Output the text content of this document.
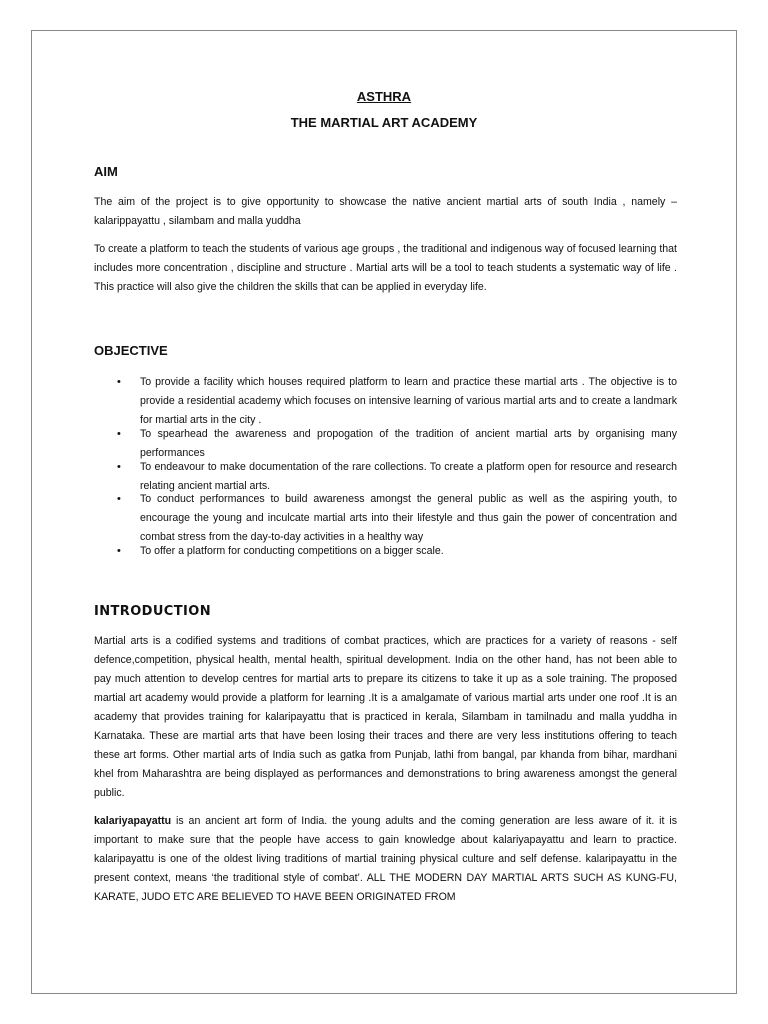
ASTHRA
THE MARTIAL ART ACADEMY
AIM
The aim of the project is to give opportunity to showcase the native ancient martial arts of south India , namely – kalarippayattu , silambam and malla yuddha
To create a platform to teach the students of various age groups , the traditional and indigenous way of focused learning that includes more concentration , discipline and structure . Martial arts will be a tool to teach students a systematic way of life . This practice will also give the children the skills that can be applied in everyday life.
OBJECTIVE
• To provide a facility which houses required platform to learn and practice these martial arts . The objective is to provide a residential academy which focuses on intensive learning of various martial arts and to create a landmark for martial arts in the city .
• To spearhead the awareness and propogation of the tradition of ancient martial arts by organising many performances
• To endeavour to make documentation of the rare collections. To create a platform open for resource and research relating ancient martial arts.
• To conduct performances to build awareness amongst the general public as well as the aspiring youth, to encourage the young and inculcate martial arts into their lifestyle and thus gain the power of concentration and combat stress from the day-to-day activities in a healthy way
• To offer a platform for conducting competitions on a bigger scale.
INTRODUCTION
Martial arts is a codified systems and traditions of combat practices, which are practices for a variety of reasons - self defence,competition, physical health, mental health, spiritual development. India on the other hand, has not been able to pay much attention to develop centres for martial arts to prepare its citizens to take it up as a sole training. The proposed martial art academy would provide a platform for learning .It is a amalgamate of various martial arts under one roof .It is an academy that provides training for kalaripayattu that is practiced in kerala, Silambam in tamilnadu and malla yuddha in Karnataka. These are martial arts that have been losing their traces and there are very less institutions offering to teach these art forms. Other martial arts of India such as gatka from Punjab, lathi from bangal, par khanda from bihar, mardhani khel from Maharashtra are being displayed as performances and demonstrations to bring awareness amongst the general public.
kalariyapayattu is an ancient art form of India. the young adults and the coming generation are less aware of it. it is important to make sure that the people have access to gain knowledge about kalariyapayattu and learn to practice. kalaripayattu is one of the oldest living traditions of martial training physical culture and self defense. kalaripayattu in the present context, means ‘the traditional style of combat’. ALL THE MODERN DAY MARTIAL ARTS SUCH AS KUNG-FU, KARATE, JUDO ETC ARE BELIEVED TO HAVE BEEN ORIGINATED FROM
